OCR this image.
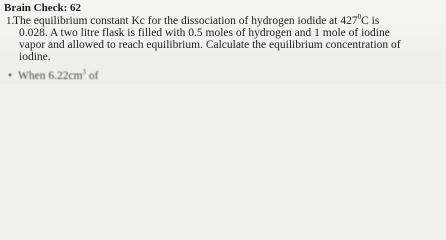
Brain Check: 62
1.
The equilibrium constant Kc for the dissociation of hydrogen iodide at $427^0C$ is
0.028. A two litre flask is filled with 0.5 moles of hydrogen and 1 mole of iodine
vapor and allowed to reach equilibrium. Calculate the equilibrium concentration of
iodine.
• When $6.22cm^3$ of
